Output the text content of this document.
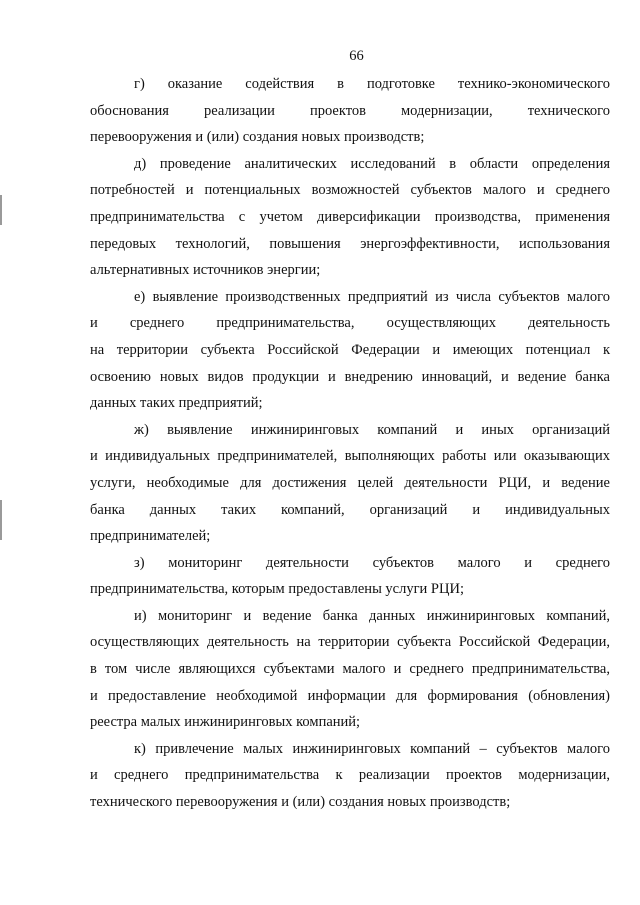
66
г) оказание содействия в подготовке технико-экономического
обоснования реализации проектов модернизации, технического
перевооружения и (или) создания новых производств;
д) проведение аналитических исследований в области определения
потребностей и потенциальных возможностей субъектов малого и среднего
предпринимательства с учетом диверсификации производства, применения
передовых технологий, повышения энергоэффективности, использования
альтернативных источников энергии;
е) выявление производственных предприятий из числа субъектов малого
и среднего предпринимательства, осуществляющих деятельность
на территории субъекта Российской Федерации и имеющих потенциал к
освоению новых видов продукции и внедрению инноваций, и ведение банка
данных таких предприятий;
ж) выявление инжиниринговых компаний и иных организаций
и индивидуальных предпринимателей, выполняющих работы или оказывающих
услуги, необходимые для достижения целей деятельности РЦИ, и ведение
банка данных таких компаний, организаций и индивидуальных
предпринимателей;
з) мониторинг деятельности субъектов малого и среднего
предпринимательства, которым предоставлены услуги РЦИ;
и) мониторинг и ведение банка данных инжиниринговых компаний,
осуществляющих деятельность на территории субъекта Российской Федерации,
в том числе являющихся субъектами малого и среднего предпринимательства,
и предоставление необходимой информации для формирования (обновления)
реестра малых инжиниринговых компаний;
к) привлечение малых инжиниринговых компаний – субъектов малого
и среднего предпринимательства к реализации проектов модернизации,
технического перевооружения и (или) создания новых производств;
